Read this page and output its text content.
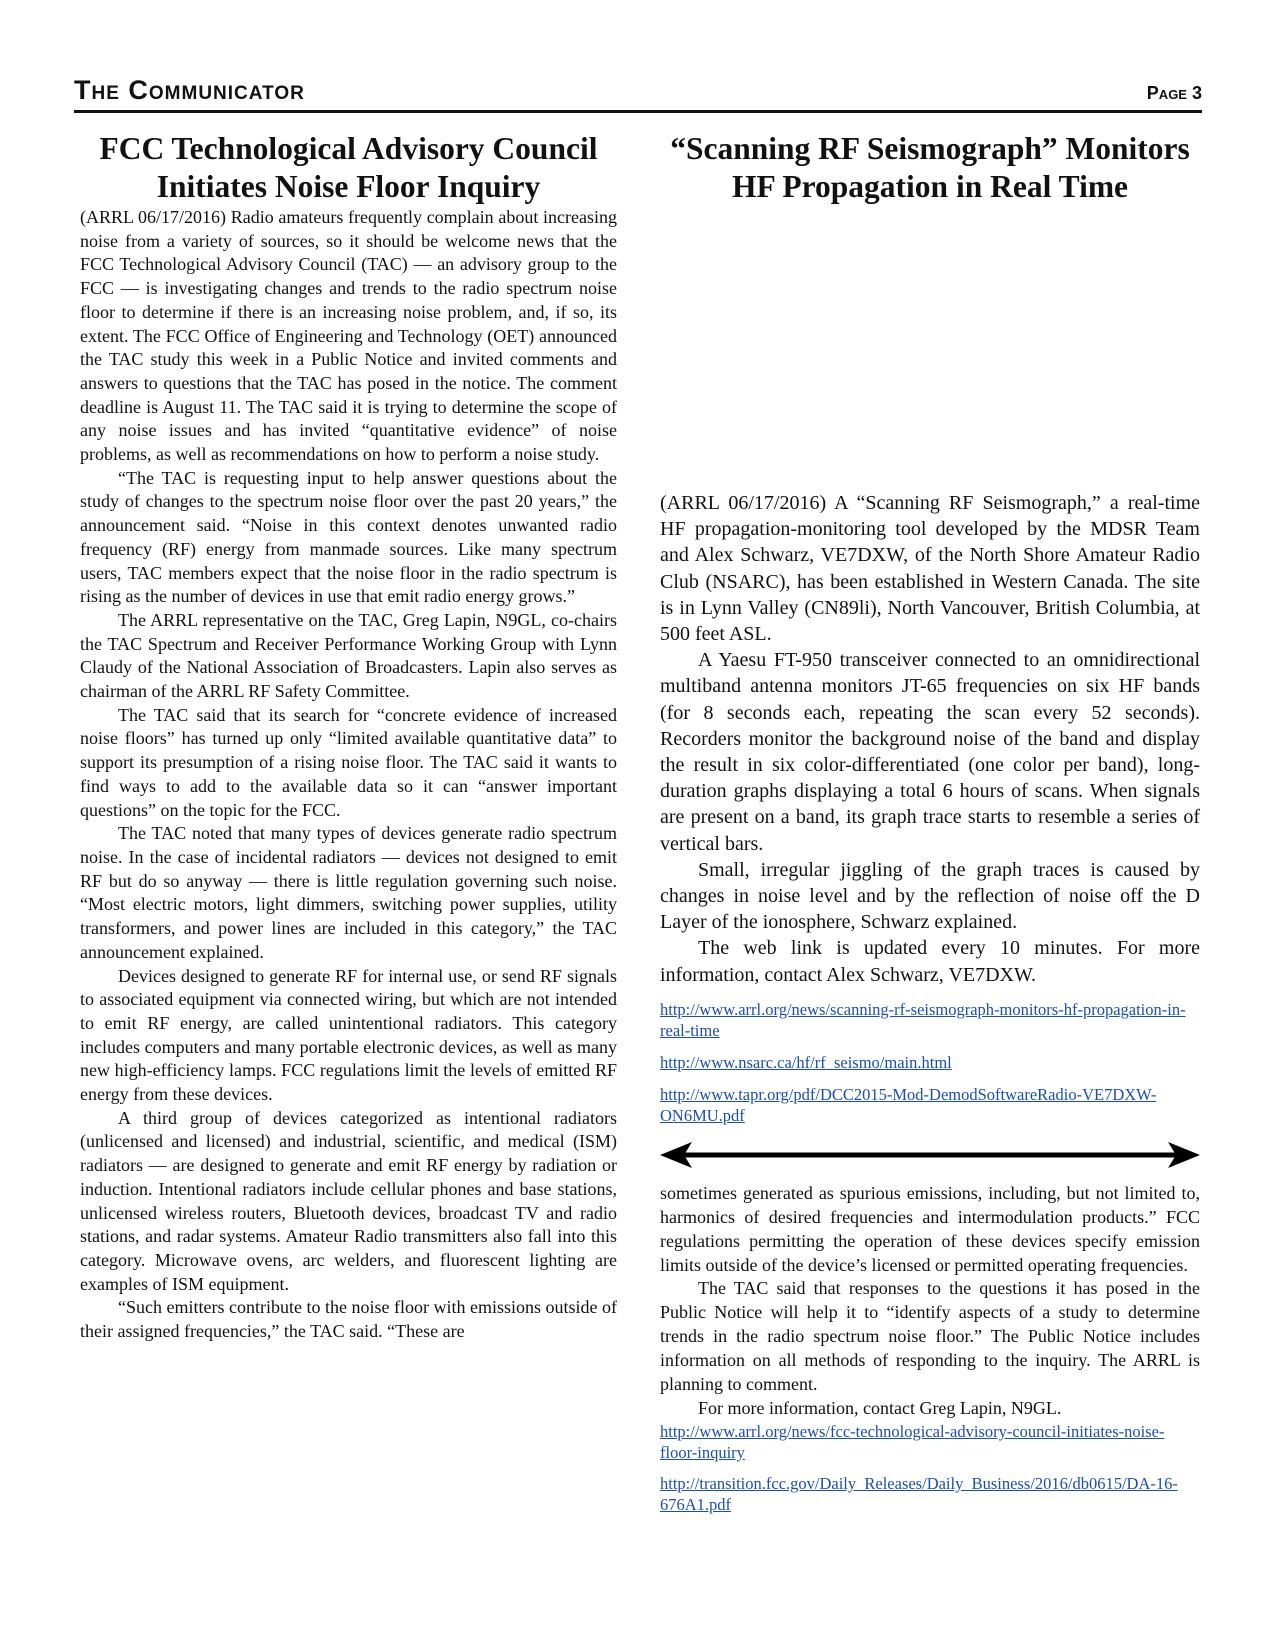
The Communicator	Page 3
FCC Technological Advisory Council Initiates Noise Floor Inquiry

(ARRL 06/17/2016) Radio amateurs frequently complain about increasing noise from a variety of sources, so it should be welcome news that the FCC Technological Advisory Council (TAC) — an advisory group to the FCC — is investigating changes and trends to the radio spectrum noise floor to determine if there is an increasing noise problem, and, if so, its extent. The FCC Office of Engineering and Technology (OET) announced the TAC study this week in a Public Notice and invited comments and answers to questions that the TAC has posed in the notice. The comment deadline is August 11. The TAC said it is trying to determine the scope of any noise issues and has invited “quantitative evidence” of noise problems, as well as recommendations on how to perform a noise study.

“The TAC is requesting input to help answer questions about the study of changes to the spectrum noise floor over the past 20 years,” the announcement said. “Noise in this context denotes unwanted radio frequency (RF) energy from manmade sources. Like many spectrum users, TAC members expect that the noise floor in the radio spectrum is rising as the number of devices in use that emit radio energy grows.”

The ARRL representative on the TAC, Greg Lapin, N9GL, co-chairs the TAC Spectrum and Receiver Performance Working Group with Lynn Claudy of the National Association of Broadcasters. Lapin also serves as chairman of the ARRL RF Safety Committee.

The TAC said that its search for “concrete evidence of increased noise floors” has turned up only “limited available quantitative data” to support its presumption of a rising noise floor. The TAC said it wants to find ways to add to the available data so it can “answer important questions” on the topic for the FCC.

The TAC noted that many types of devices generate radio spectrum noise. In the case of incidental radiators — devices not designed to emit RF but do so anyway — there is little regulation governing such noise. “Most electric motors, light dimmers, switching power supplies, utility transformers, and power lines are included in this category,” the TAC announcement explained.

Devices designed to generate RF for internal use, or send RF signals to associated equipment via connected wiring, but which are not intended to emit RF energy, are called unintentional radiators. This category includes computers and many portable electronic devices, as well as many new high-efficiency lamps. FCC regulations limit the levels of emitted RF energy from these devices.

A third group of devices categorized as intentional radiators (unlicensed and licensed) and industrial, scientific, and medical (ISM) radiators — are designed to generate and emit RF energy by radiation or induction. Intentional radiators include cellular phones and base stations, unlicensed wireless routers, Bluetooth devices, broadcast TV and radio stations, and radar systems. Amateur Radio transmitters also fall into this category. Microwave ovens, arc welders, and fluorescent lighting are examples of ISM equipment.

“Such emitters contribute to the noise floor with emissions outside of their assigned frequencies,” the TAC said. “These are

“Scanning RF Seismograph” Monitors HF Propagation in Real Time

(ARRL 06/17/2016) A “Scanning RF Seismograph,” a real-time HF propagation-monitoring tool developed by the MDSR Team and Alex Schwarz, VE7DXW, of the North Shore Amateur Radio Club (NSARC), has been established in Western Canada. The site is in Lynn Valley (CN89li), North Vancouver, British Columbia, at 500 feet ASL.

A Yaesu FT-950 transceiver connected to an omnidirectional multiband antenna monitors JT-65 frequencies on six HF bands (for 8 seconds each, repeating the scan every 52 seconds). Recorders monitor the background noise of the band and display the result in six color-differentiated (one color per band), long-duration graphs displaying a total 6 hours of scans. When signals are present on a band, its graph trace starts to resemble a series of vertical bars.

Small, irregular jiggling of the graph traces is caused by changes in noise level and by the reflection of noise off the D Layer of the ionosphere, Schwarz explained.

The web link is updated every 10 minutes. For more information, contact Alex Schwarz, VE7DXW.

http://www.arrl.org/news/scanning-rf-seismograph-monitors-hf-propagation-in-real-time
http://www.nsarc.ca/hf/rf_seismo/main.html
http://www.tapr.org/pdf/DCC2015-Mod-DemodSoftwareRadio-VE7DXW-ON6MU.pdf

sometimes generated as spurious emissions, including, but not limited to, harmonics of desired frequencies and intermodulation products.” FCC regulations permitting the operation of these devices specify emission limits outside of the device’s licensed or permitted operating frequencies.

The TAC said that responses to the questions it has posed in the Public Notice will help it to “identify aspects of a study to determine trends in the radio spectrum noise floor.” The Public Notice includes information on all methods of responding to the inquiry. The ARRL is planning to comment.

For more information, contact Greg Lapin, N9GL.

http://www.arrl.org/news/fcc-technological-advisory-council-initiates-noise-floor-inquiry
http://transition.fcc.gov/Daily_Releases/Daily_Business/2016/db0615/DA-16-676A1.pdf
